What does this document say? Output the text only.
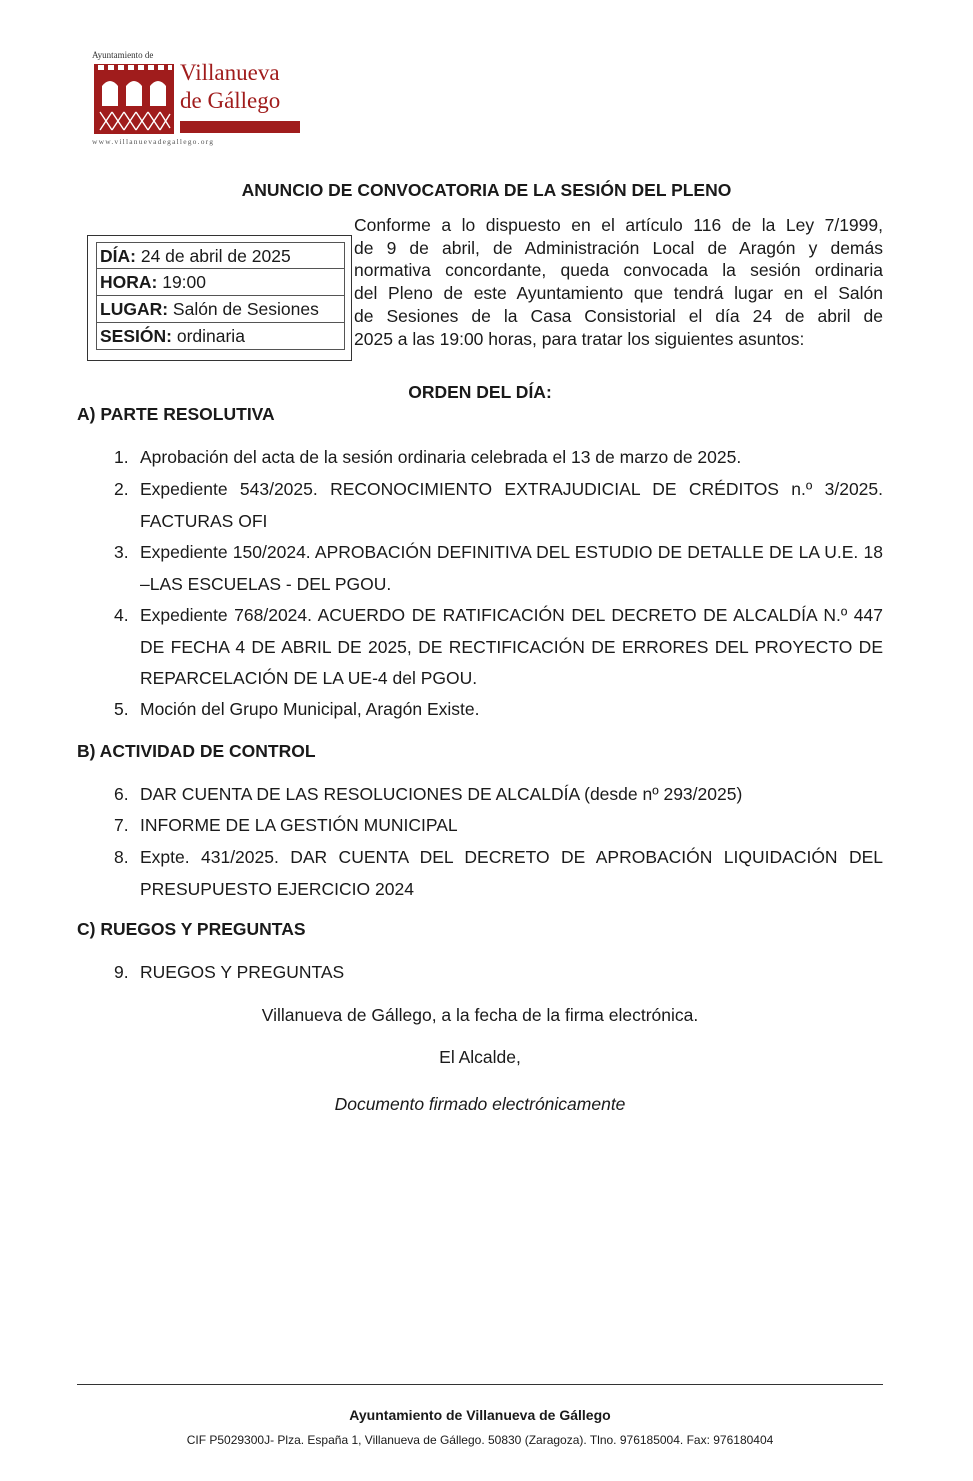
Ayuntamiento de
Villanueva
de Gállego
www.villanuevadegallego.org
ANUNCIO DE CONVOCATORIA DE LA SESIÓN DEL PLENO
DÍA: 24 de abril de 2025
HORA: 19:00
LUGAR: Salón de Sesiones
SESIÓN: ordinaria
Conforme a lo dispuesto en el artículo 116 de la Ley 7/1999,
de 9 de abril, de Administración Local de Aragón y demás
normativa concordante, queda convocada la sesión ordinaria
del Pleno de este Ayuntamiento que tendrá lugar en el Salón
de Sesiones de la Casa Consistorial el día 24 de abril de
2025 a las 19:00 horas, para tratar los siguientes asuntos:
ORDEN DEL DÍA:
A) PARTE RESOLUTIVA
1. Aprobación del acta de la sesión ordinaria celebrada el 13 de marzo de 2025.
2. Expediente 543/2025. RECONOCIMIENTO EXTRAJUDICIAL DE CRÉDITOS n.º 3/2025. FACTURAS OFI
3. Expediente 150/2024. APROBACIÓN DEFINITIVA DEL ESTUDIO DE DETALLE DE LA U.E. 18 –LAS ESCUELAS - DEL PGOU.
4. Expediente 768/2024. ACUERDO DE RATIFICACIÓN DEL DECRETO DE ALCALDÍA N.º 447 DE FECHA 4 DE ABRIL DE 2025, DE RECTIFICACIÓN DE ERRORES DEL PROYECTO DE REPARCELACIÓN DE LA UE-4 del PGOU.
5. Moción del Grupo Municipal, Aragón Existe.
B) ACTIVIDAD DE CONTROL
6. DAR CUENTA DE LAS RESOLUCIONES DE ALCALDÍA (desde nº 293/2025)
7. INFORME DE LA GESTIÓN MUNICIPAL
8. Expte. 431/2025. DAR CUENTA DEL DECRETO DE APROBACIÓN LIQUIDACIÓN DEL PRESUPUESTO EJERCICIO 2024
C) RUEGOS Y PREGUNTAS
9. RUEGOS Y PREGUNTAS
Villanueva de Gállego, a la fecha de la firma electrónica.
El Alcalde,
Documento firmado electrónicamente
Ayuntamiento de Villanueva de Gállego
CIF P5029300J- Plza. España 1, Villanueva de Gállego. 50830 (Zaragoza). Tlno. 976185004. Fax: 976180404
